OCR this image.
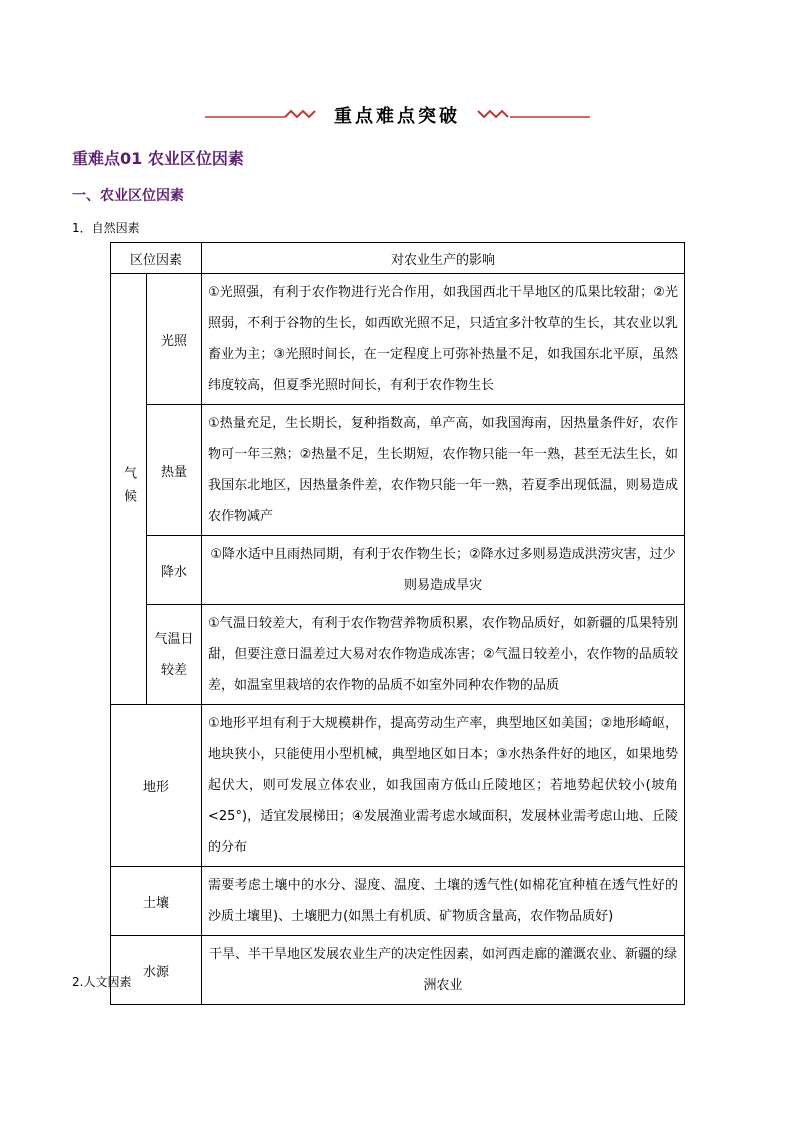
重点难点突破
重难点01 农业区位因素
一、农业区位因素
1．自然因素
区位因素		对农业生产的影响
气候	光照	①光照强，有利于农作物进行光合作用，如我国西北干旱地区的瓜果比较甜；②光照弱，不利于谷物的生长，如西欧光照不足，只适宜多汁牧草的生长，其农业以乳畜业为主；③光照时间长，在一定程度上可弥补热量不足，如我国东北平原，虽然纬度较高，但夏季光照时间长，有利于农作物生长
	热量	①热量充足，生长期长，复种指数高，单产高，如我国海南，因热量条件好，农作物可一年三熟；②热量不足，生长期短，农作物只能一年一熟，甚至无法生长，如我国东北地区，因热量条件差，农作物只能一年一熟，若夏季出现低温，则易造成农作物减产
	降水	①降水适中且雨热同期，有利于农作物生长；②降水过多则易造成洪涝灾害，过少则易造成旱灾
	气温日较差	①气温日较差大，有利于农作物营养物质积累，农作物品质好，如新疆的瓜果特别甜，但要注意日温差过大易对农作物造成冻害；②气温日较差小，农作物的品质较差，如温室里栽培的农作物的品质不如室外同种农作物的品质
地形		①地形平坦有利于大规模耕作，提高劳动生产率，典型地区如美国；②地形崎岖，地块狭小，只能使用小型机械，典型地区如日本；③水热条件好的地区，如果地势起伏大，则可发展立体农业，如我国南方低山丘陵地区；若地势起伏较小(坡角<25°)，适宜发展梯田；④发展渔业需考虑水域面积，发展林业需考虑山地、丘陵的分布
土壤		需要考虑土壤中的水分、湿度、温度、土壤的透气性(如棉花宜种植在透气性好的沙质土壤里)、土壤肥力(如黑土有机质、矿物质含量高，农作物品质好)
水源		干旱、半干旱地区发展农业生产的决定性因素，如河西走廊的灌溉农业、新疆的绿洲农业
2.人文因素
